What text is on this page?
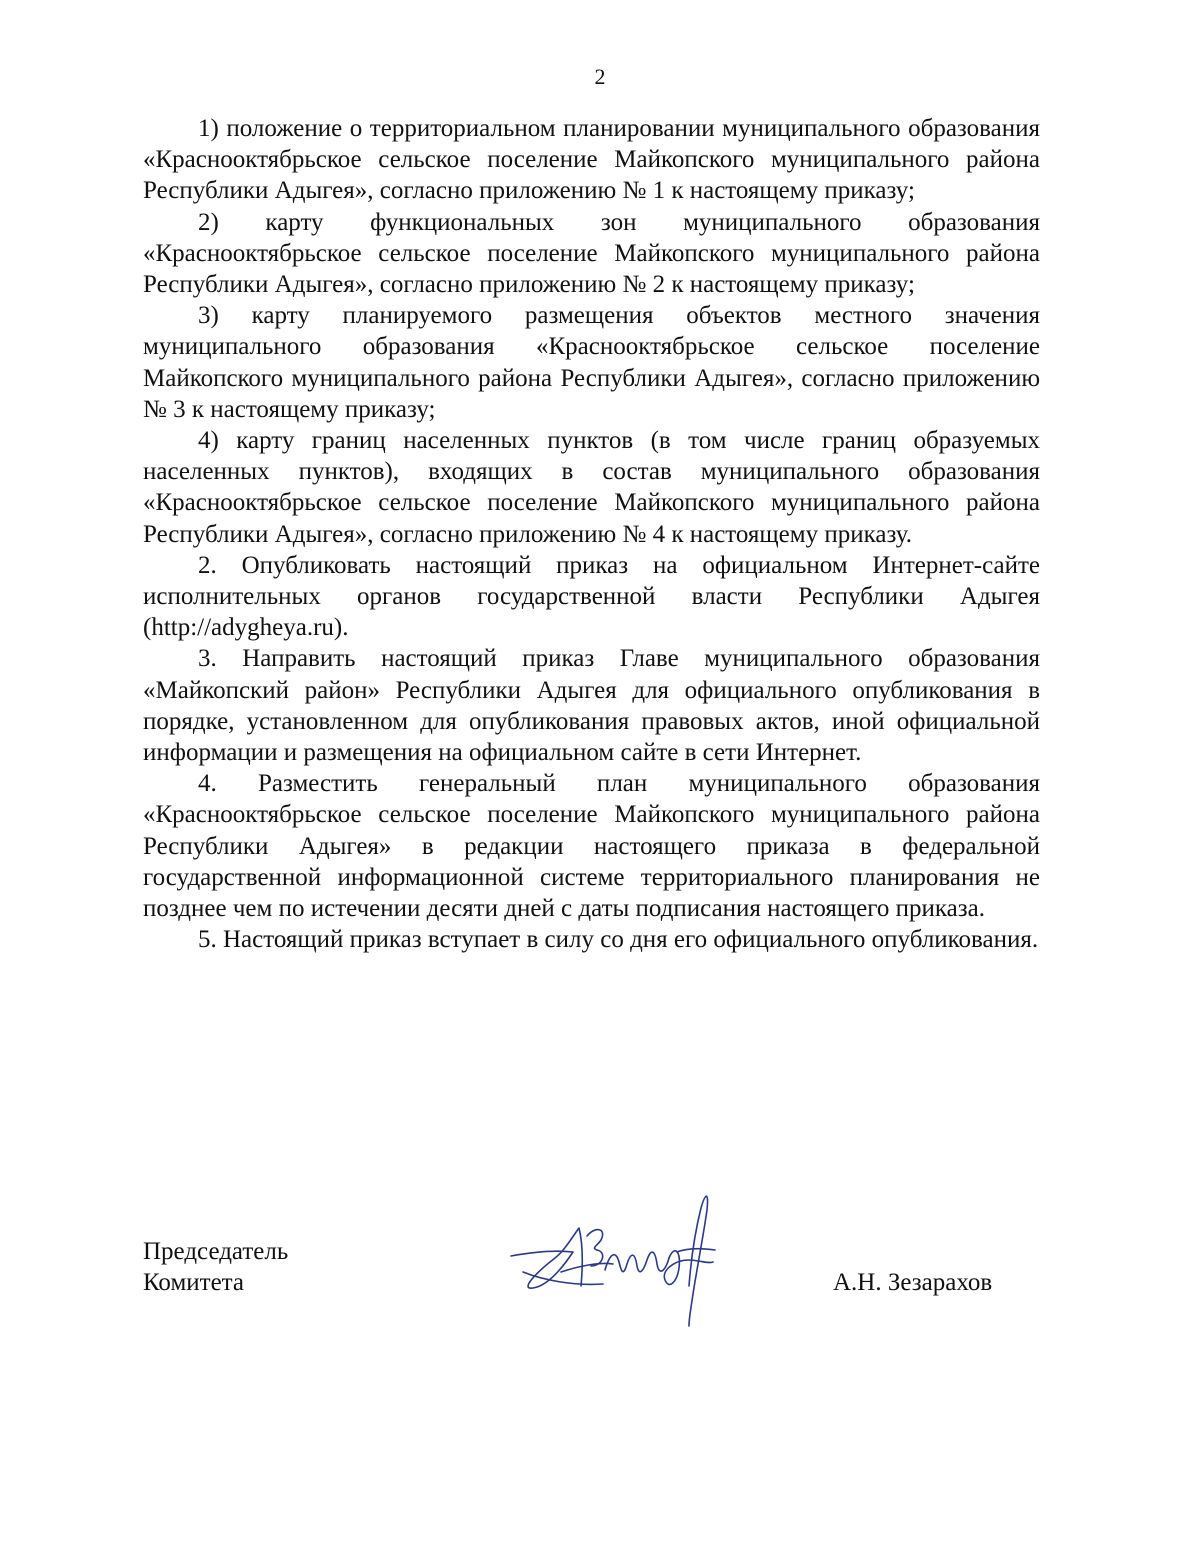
2

1) положение о территориальном планировании муниципального образования «Краснооктябрьское сельское поселение Майкопского муниципального района Республики Адыгея», согласно приложению № 1 к настоящему приказу;

2) карту функциональных зон муниципального образования «Краснооктябрьское сельское поселение Майкопского муниципального района Республики Адыгея», согласно приложению № 2 к настоящему приказу;

3) карту планируемого размещения объектов местного значения муниципального образования «Краснооктябрьское сельское поселение Майкопского муниципального района Республики Адыгея», согласно приложению № 3 к настоящему приказу;

4) карту границ населенных пунктов (в том числе границ образуемых населенных пунктов), входящих в состав муниципального образования «Краснооктябрьское сельское поселение Майкопского муниципального района Республики Адыгея», согласно приложению № 4 к настоящему приказу.

2. Опубликовать настоящий приказ на официальном Интернет-сайте исполнительных органов государственной власти Республики Адыгея (http://adygheya.ru).

3. Направить настоящий приказ Главе муниципального образования «Майкопский район» Республики Адыгея для официального опубликования в порядке, установленном для опубликования правовых актов, иной официальной информации и размещения на официальном сайте в сети Интернет.

4. Разместить генеральный план муниципального образования «Краснооктябрьское сельское поселение Майкопского муниципального района Республики Адыгея» в редакции настоящего приказа в федеральной государственной информационной системе территориального планирования не позднее чем по истечении десяти дней с даты подписания настоящего приказа.

5. Настоящий приказ вступает в силу со дня его официального опубликования.

Председатель
Комитета	А.Н. Зезарахов
